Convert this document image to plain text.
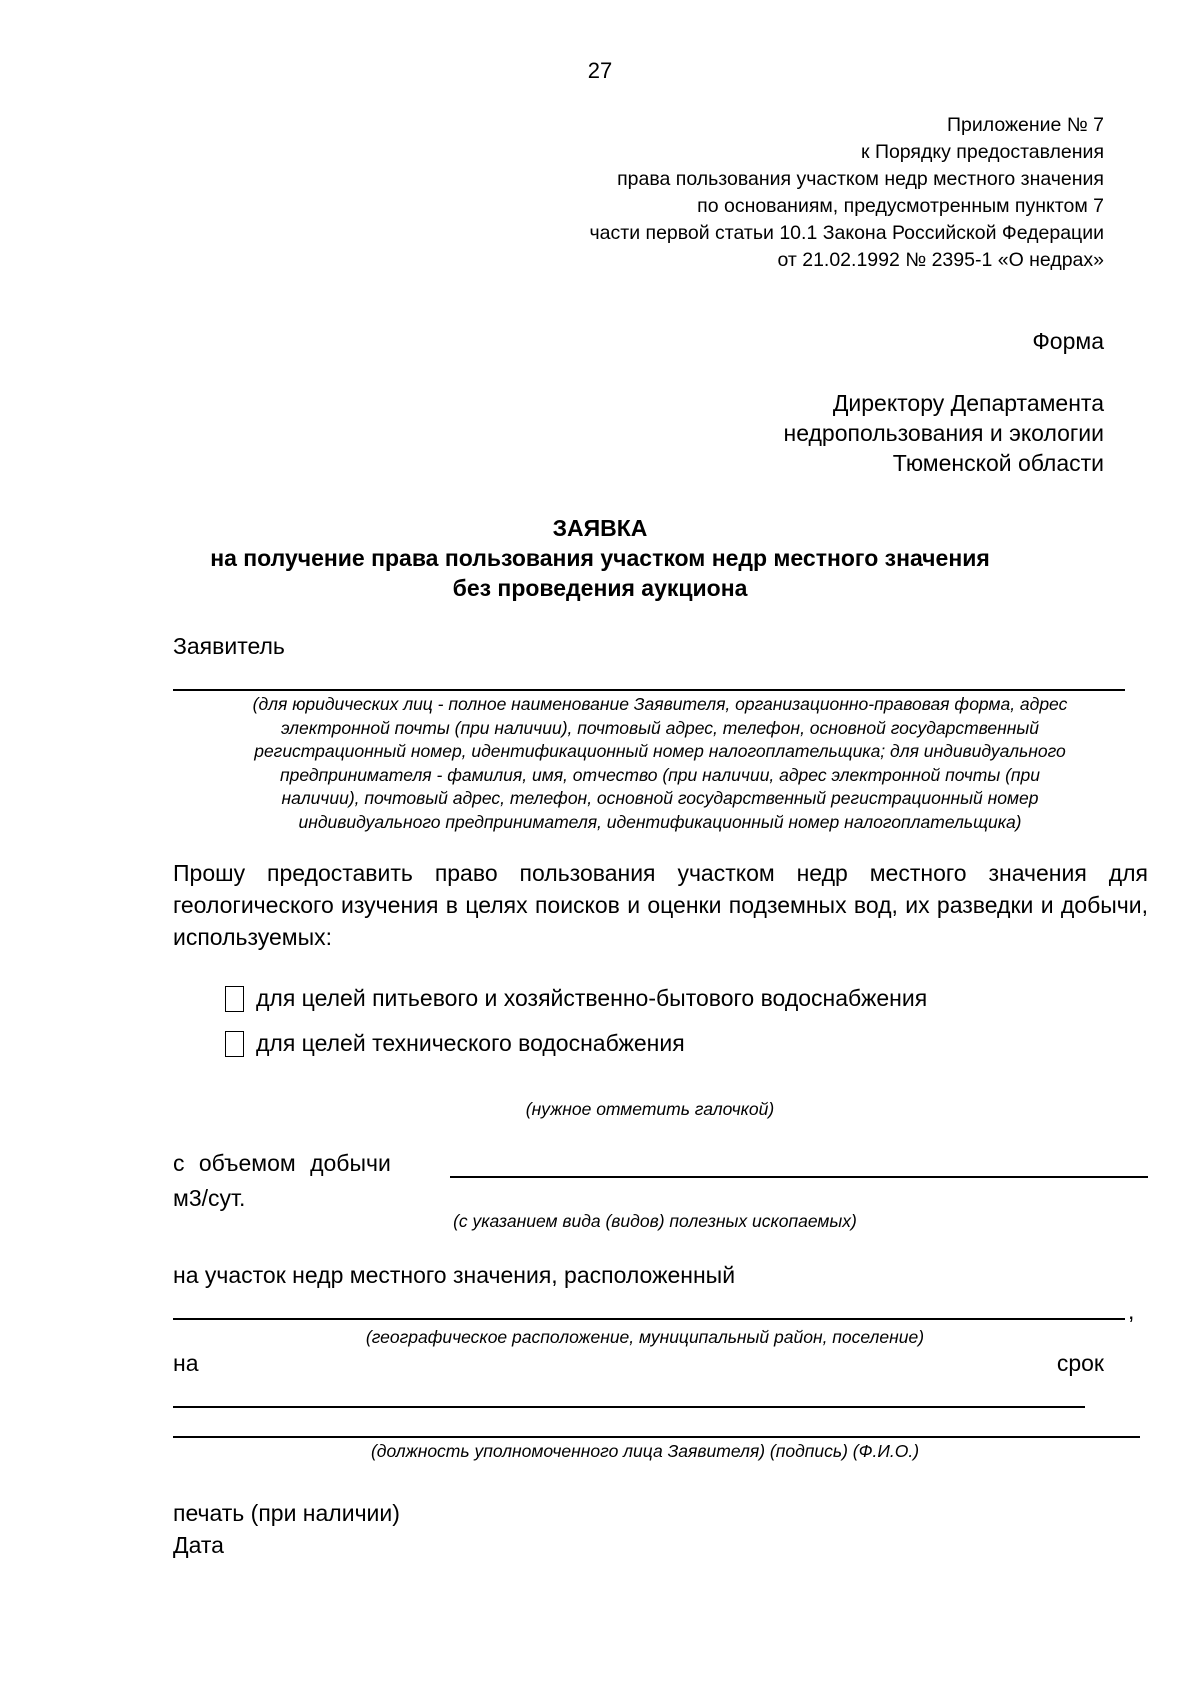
27
Приложение № 7
к Порядку предоставления
права пользования участком недр местного значения
по основаниям, предусмотренным пунктом 7
части первой статьи 10.1 Закона Российской Федерации
от 21.02.1992 № 2395-1 «О недрах»
Форма
Директору Департамента
недропользования и экологии
Тюменской области
ЗАЯВКА
на получение права пользования участком недр местного значения
без проведения аукциона
Заявитель
(для юридических лиц - полное наименование Заявителя, организационно-правовая форма, адрес
электронной почты (при наличии), почтовый адрес, телефон, основной государственный
регистрационный номер, идентификационный номер налогоплательщика; для индивидуального
предпринимателя - фамилия, имя, отчество (при наличии, адрес электронной почты (при
наличии), почтовый адрес, телефон, основной государственный регистрационный номер
индивидуального предпринимателя, идентификационный номер налогоплательщика)
Прошу предоставить право пользования участком недр местного значения для геологического изучения в целях поисков и оценки подземных вод, их разведки и добычи, используемых:
для целей питьевого и хозяйственно-бытового водоснабжения
для целей технического водоснабжения
(нужное отметить галочкой)
с объемом добычи
м3/сут.
(с указанием вида (видов) полезных ископаемых)
на участок недр местного значения, расположенный
,
(географическое расположение, муниципальный район, поселение)
на	срок
(должность уполномоченного лица Заявителя) (подпись) (Ф.И.О.)
печать (при наличии)
Дата
